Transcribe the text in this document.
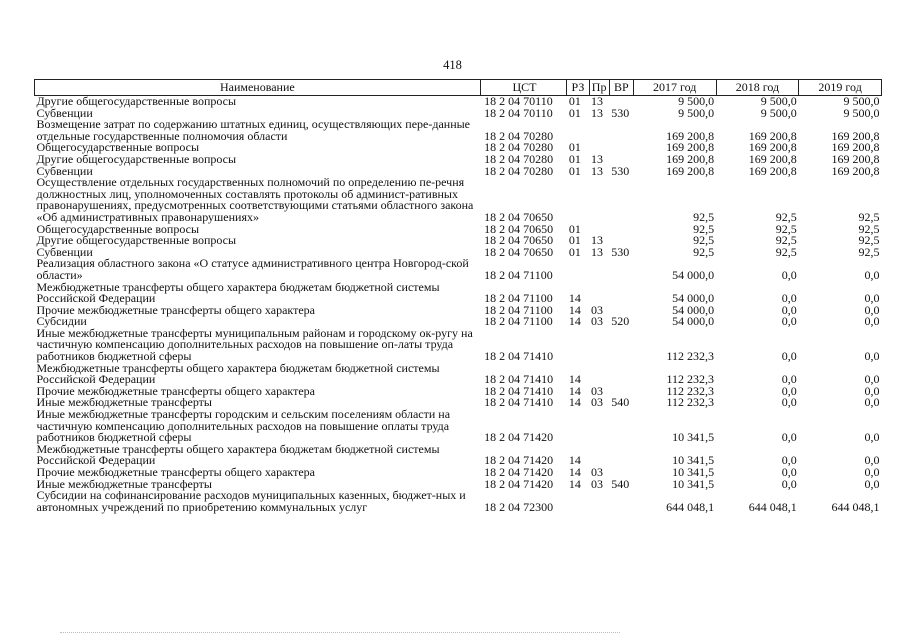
418
Наименование	ЦСТ	РЗ	Пр	ВР	2017 год	2018 год	2019 год
Другие общегосударственные вопросы	18 2 04 70110	01	13		9 500,0	9 500,0	9 500,0
Субвенции	18 2 04 70110	01	13	530	9 500,0	9 500,0	9 500,0
Возмещение затрат по содержанию штатных единиц, осуществляющих пере-данные отдельные государственные полномочия области	18 2 04 70280				169 200,8	169 200,8	169 200,8
Общегосударственные вопросы	18 2 04 70280	01			169 200,8	169 200,8	169 200,8
Другие общегосударственные вопросы	18 2 04 70280	01	13		169 200,8	169 200,8	169 200,8
Субвенции	18 2 04 70280	01	13	530	169 200,8	169 200,8	169 200,8
Осуществление отдельных государственных полномочий по определению пе-речня должностных лиц, уполномоченных составлять протоколы об админист-ративных правонарушениях, предусмотренных соответствующими статьями областного закона «Об административных правонарушениях»	18 2 04 70650				92,5	92,5	92,5
Общегосударственные вопросы	18 2 04 70650	01			92,5	92,5	92,5
Другие общегосударственные вопросы	18 2 04 70650	01	13		92,5	92,5	92,5
Субвенции	18 2 04 70650	01	13	530	92,5	92,5	92,5
Реализация областного закона «О статусе административного центра Новгород-ской области»	18 2 04 71100				54 000,0	0,0	0,0
Межбюджетные трансферты общего характера бюджетам бюджетной системы Российской Федерации	18 2 04 71100	14			54 000,0	0,0	0,0
Прочие межбюджетные трансферты общего характера	18 2 04 71100	14	03		54 000,0	0,0	0,0
Субсидии	18 2 04 71100	14	03	520	54 000,0	0,0	0,0
Иные межбюджетные трансферты муниципальным районам и городскому ок-ругу на частичную компенсацию дополнительных расходов на повышение оп-латы труда работников бюджетной сферы	18 2 04 71410				112 232,3	0,0	0,0
Межбюджетные трансферты общего характера бюджетам бюджетной системы Российской Федерации	18 2 04 71410	14			112 232,3	0,0	0,0
Прочие межбюджетные трансферты общего характера	18 2 04 71410	14	03		112 232,3	0,0	0,0
Иные межбюджетные трансферты	18 2 04 71410	14	03	540	112 232,3	0,0	0,0
Иные межбюджетные трансферты городским и сельским поселениям области на частичную компенсацию дополнительных расходов на повышение оплаты труда работников бюджетной сферы	18 2 04 71420				10 341,5	0,0	0,0
Межбюджетные трансферты общего характера бюджетам бюджетной системы Российской Федерации	18 2 04 71420	14			10 341,5	0,0	0,0
Прочие межбюджетные трансферты общего характера	18 2 04 71420	14	03		10 341,5	0,0	0,0
Иные межбюджетные трансферты	18 2 04 71420	14	03	540	10 341,5	0,0	0,0
Субсидии на софинансирование расходов муниципальных казенных, бюджет-ных и автономных учреждений по приобретению коммунальных услуг	18 2 04 72300				644 048,1	644 048,1	644 048,1
